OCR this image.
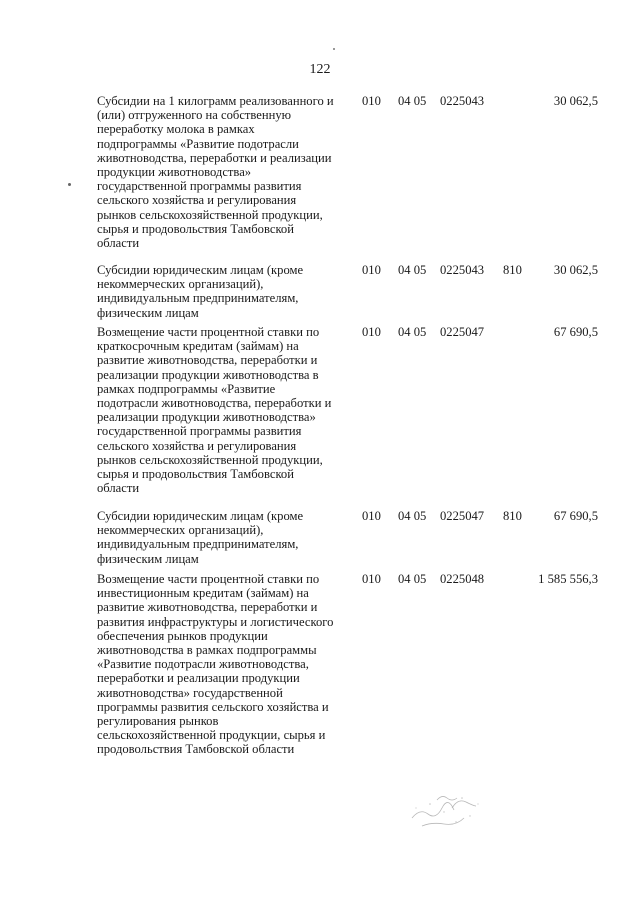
122
Субсидии на 1 килограмм реализованного и
(или) отгруженного на собственную
переработку молока в рамках
подпрограммы «Развитие подотрасли
животноводства, переработки и реализации
продукции животноводства»
государственной программы развития
сельского хозяйства и регулирования
рынков сельскохозяйственной продукции,
сырья и продовольствия Тамбовской
области
010 04 05 0225043	30 062,5
Субсидии юридическим лицам (кроме
некоммерческих организаций),
индивидуальным предпринимателям,
физическим лицам
010 04 05 0225043 810	30 062,5
Возмещение части процентной ставки по
краткосрочным кредитам (займам) на
развитие животноводства, переработки и
реализации продукции животноводства в
рамках подпрограммы «Развитие
подотрасли животноводства, переработки и
реализации продукции животноводства»
государственной программы развития
сельского хозяйства и регулирования
рынков сельскохозяйственной продукции,
сырья и продовольствия Тамбовской
области
010 04 05 0225047	67 690,5
Субсидии юридическим лицам (кроме
некоммерческих организаций),
индивидуальным предпринимателям,
физическим лицам
010 04 05 0225047 810	67 690,5
Возмещение части процентной ставки по
инвестиционным кредитам (займам) на
развитие животноводства, переработки и
развития инфраструктуры и логистического
обеспечения рынков продукции
животноводства в рамках подпрограммы
«Развитие подотрасли животноводства,
переработки и реализации продукции
животноводства» государственной
программы развития сельского хозяйства и
регулирования рынков
сельскохозяйственной продукции, сырья и
продовольствия Тамбовской области
010 04 05 0225048	1 585 556,3
